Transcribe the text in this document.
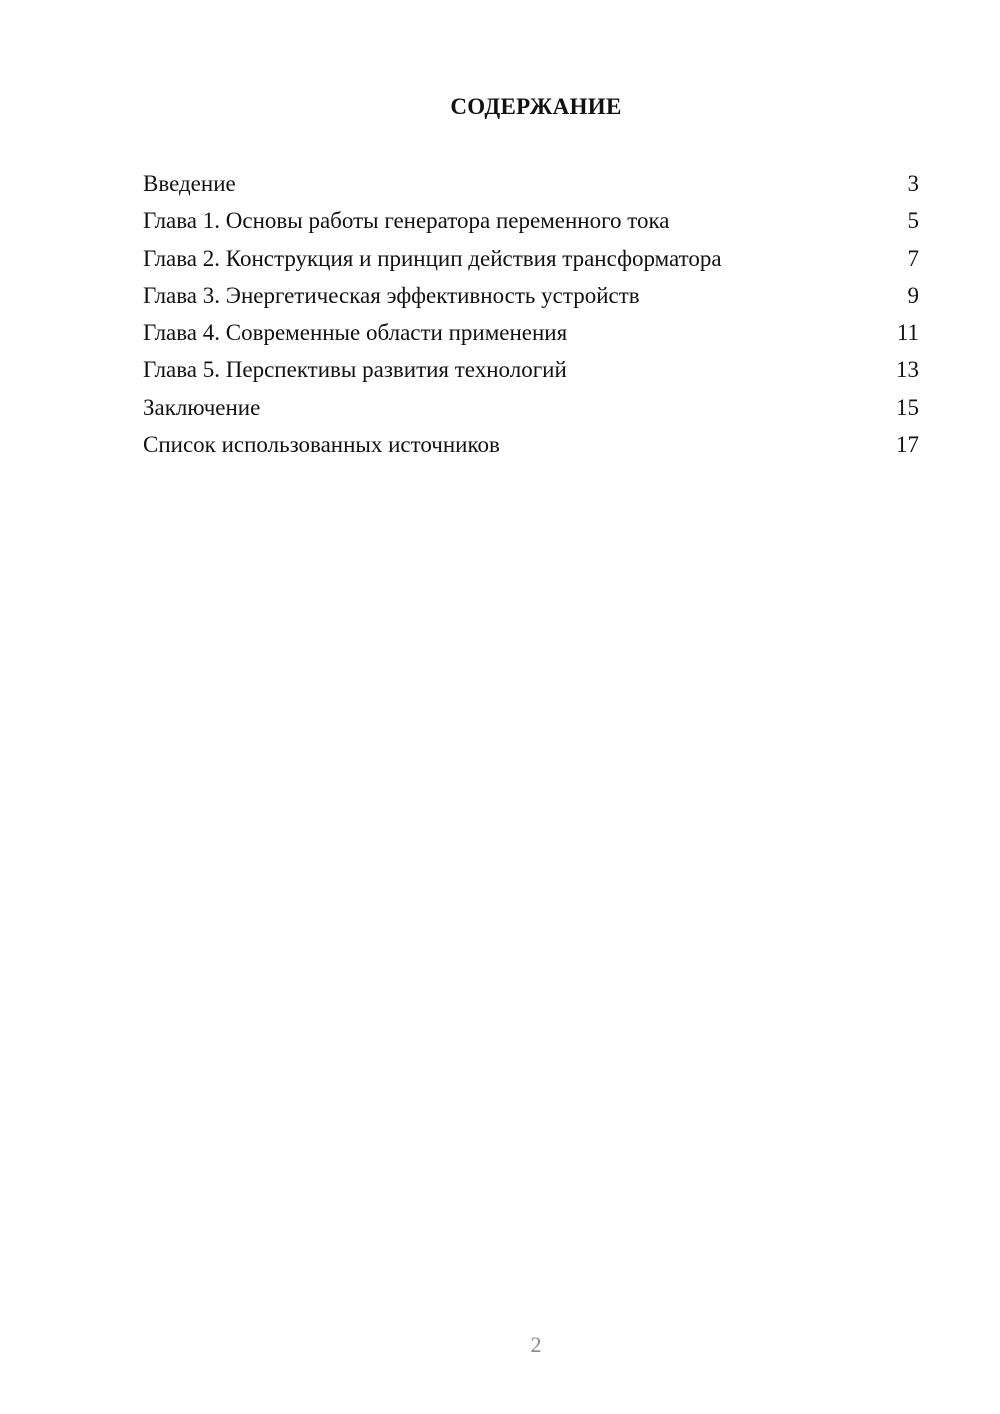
СОДЕРЖАНИЕ
Введение	3
Глава 1. Основы работы генератора переменного тока	5
Глава 2. Конструкция и принцип действия трансформатора	7
Глава 3. Энергетическая эффективность устройств	9
Глава 4. Современные области применения	11
Глава 5. Перспективы развития технологий	13
Заключение	15
Список использованных источников	17
2
